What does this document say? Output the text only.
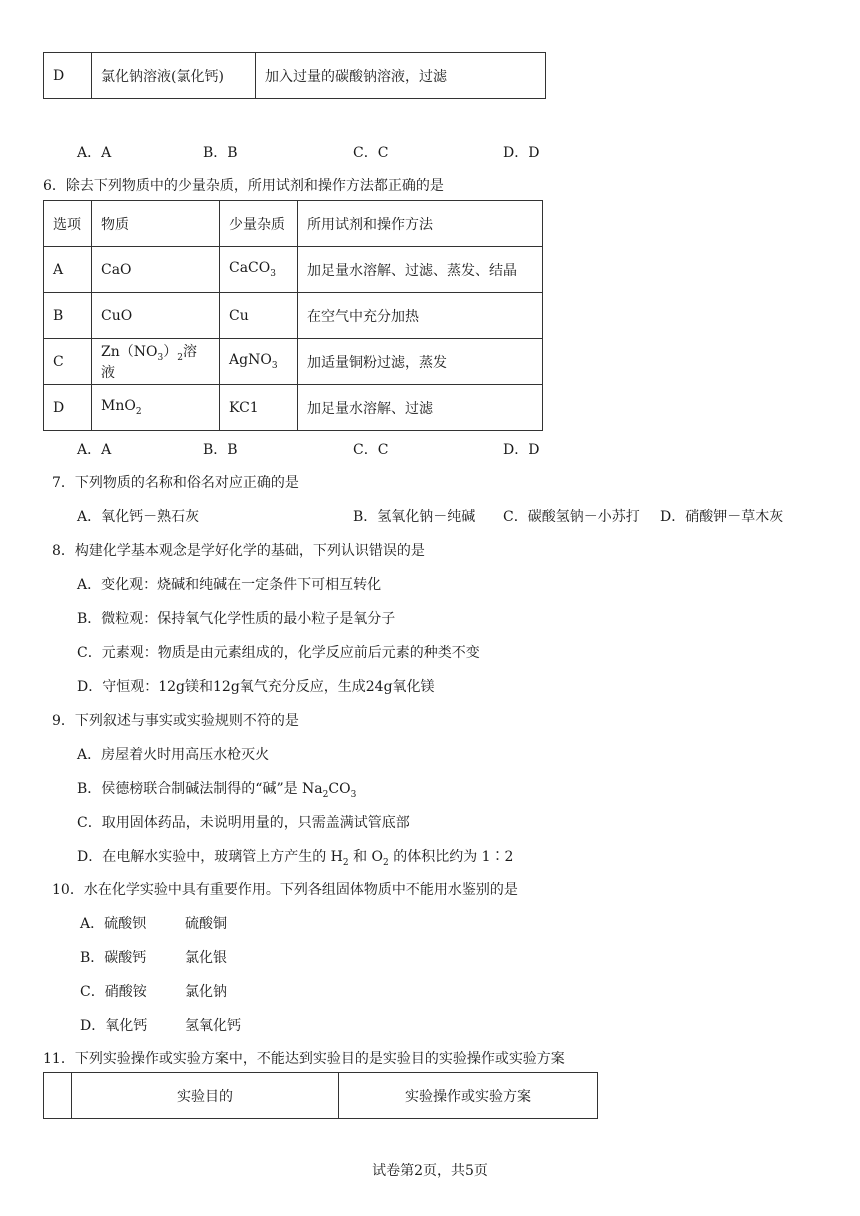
D	氯化钠溶液(氯化钙)	加入过量的碳酸钠溶液，过滤
A．A	B．B	C．C	D．D
6．除去下列物质中的少量杂质，所用试剂和操作方法都正确的是
选项	物质	少量杂质	所用试剂和操作方法
A	CaO	CaCO$_3$	加足量水溶解、过滤、蒸发、结晶
B	CuO	Cu	在空气中充分加热
C	$Zn(NO_3)_2$溶液	AgNO$_3$	加适量铜粉过滤，蒸发
D	MnO$_2$	KC1	加足量水溶解、过滤
A．A	B．B	C．C	D．D
7．下列物质的名称和俗名对应正确的是
A．氧化钙－熟石灰	B．氢氧化钠－纯碱 C．碳酸氢钠－小苏打 D．硝酸钾－草木灰
8．构建化学基本观念是学好化学的基础，下列认识错误的是
A．变化观：烧碱和纯碱在一定条件下可相互转化
B．微粒观：保持氧气化学性质的最小粒子是氧分子
C．元素观：物质是由元素组成的，化学反应前后元素的种类不变
D．守恒观：12g镁和12g氧气充分反应，生成24g氧化镁
9．下列叙述与事实或实验规则不符的是
A．房屋着火时用高压水枪灭火
B．侯德榜联合制碱法制得的“碱”是 $Na_2CO_3$
C．取用固体药品，未说明用量的，只需盖满试管底部
D．在电解水实验中，玻璃管上方产生的 $H_2$ 和 $O_2$ 的体积比约为 1∶2
10．水在化学实验中具有重要作用。下列各组固体物质中不能用水鉴别的是
A．硫酸钡	硫酸铜
B．碳酸钙	氯化银
C．硝酸铵	氯化钠
D．氧化钙	氢氧化钙
11．下列实验操作或实验方案中，不能达到实验目的是实验目的实验操作或实验方案
	实验目的	实验操作或实验方案
试卷第2页，共5页
